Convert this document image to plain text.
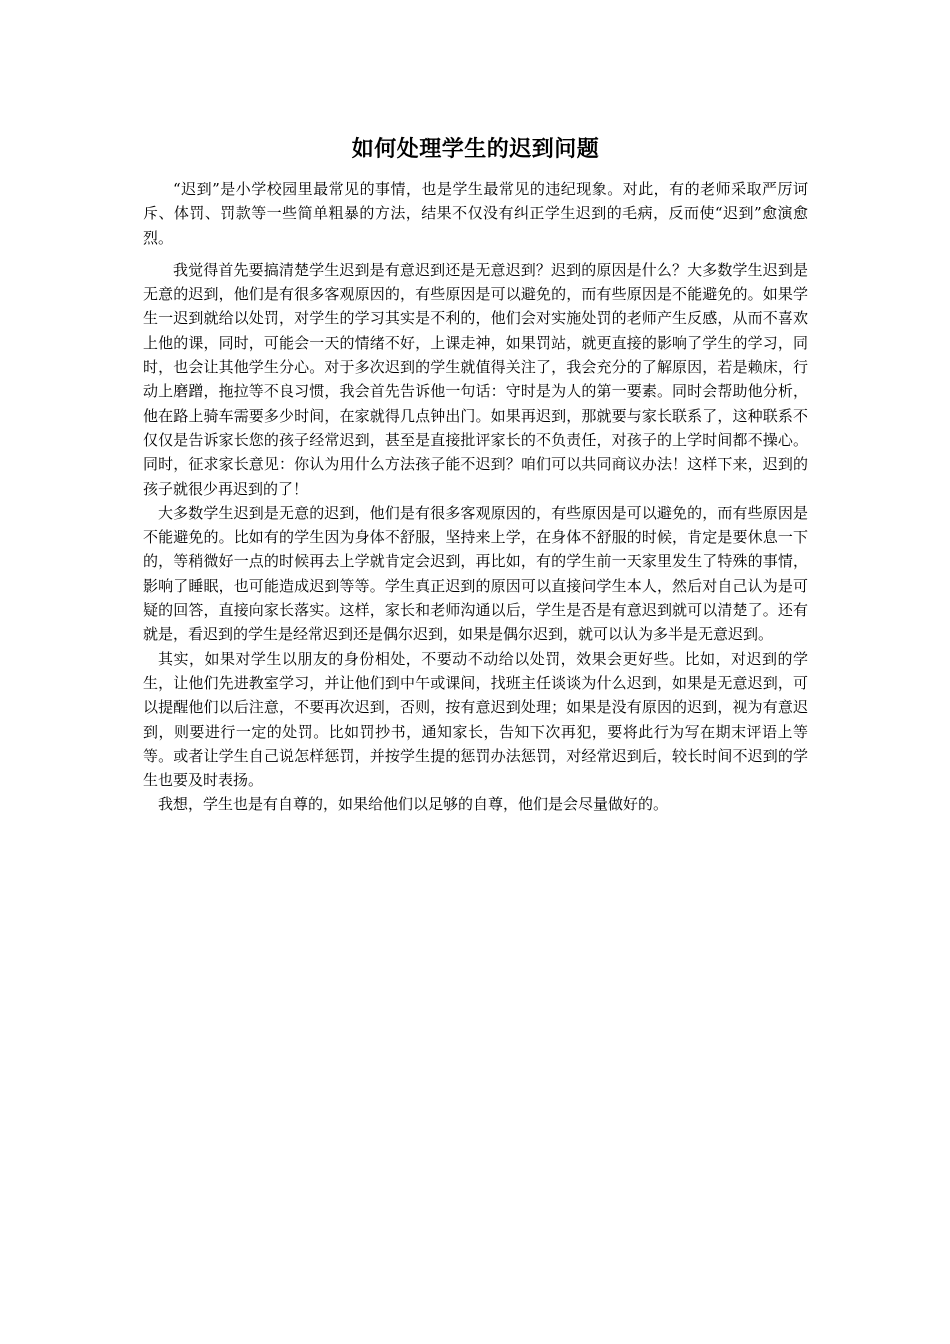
如何处理学生的迟到问题

“迟到”是小学校园里最常见的事情，也是学生最常见的违纪现象。对此，有的老师采取严厉诃斥、体罚、罚款等一些简单粗暴的方法，结果不仅没有纠正学生迟到的毛病，反而使“迟到”愈演愈烈。

我觉得首先要搞清楚学生迟到是有意迟到还是无意迟到？迟到的原因是什么？大多数学生迟到是无意的迟到，他们是有很多客观原因的，有些原因是可以避免的，而有些原因是不能避免的。如果学生一迟到就给以处罚，对学生的学习其实是不利的，他们会对实施处罚的老师产生反感，从而不喜欢上他的课，同时，可能会一天的情绪不好，上课走神，如果罚站，就更直接的影响了学生的学习，同时，也会让其他学生分心。对于多次迟到的学生就值得关注了，我会充分的了解原因，若是赖床，行动上磨蹭，拖拉等不良习惯，我会首先告诉他一句话：守时是为人的第一要素。同时会帮助他分析，他在路上骑车需要多少时间，在家就得几点钟出门。如果再迟到，那就要与家长联系了，这种联系不仅仅是告诉家长您的孩子经常迟到，甚至是直接批评家长的不负责任，对孩子的上学时间都不操心。同时，征求家长意见：你认为用什么方法孩子能不迟到？咱们可以共同商议办法！这样下来，迟到的孩子就很少再迟到的了！

大多数学生迟到是无意的迟到，他们是有很多客观原因的，有些原因是可以避免的，而有些原因是不能避免的。比如有的学生因为身体不舒服，坚持来上学，在身体不舒服的时候，肯定是要休息一下的，等稍微好一点的时候再去上学就肯定会迟到，再比如，有的学生前一天家里发生了特殊的事情，影响了睡眠，也可能造成迟到等等。学生真正迟到的原因可以直接问学生本人，然后对自己认为是可疑的回答，直接向家长落实。这样，家长和老师沟通以后，学生是否是有意迟到就可以清楚了。还有就是，看迟到的学生是经常迟到还是偶尔迟到，如果是偶尔迟到，就可以认为多半是无意迟到。

其实，如果对学生以朋友的身份相处，不要动不动给以处罚，效果会更好些。比如，对迟到的学生，让他们先进教室学习，并让他们到中午或课间，找班主任谈谈为什么迟到，如果是无意迟到，可以提醒他们以后注意，不要再次迟到，否则，按有意迟到处理；如果是没有原因的迟到，视为有意迟到，则要进行一定的处罚。比如罚抄书，通知家长，告知下次再犯，要将此行为写在期末评语上等等。或者让学生自己说怎样惩罚，并按学生提的惩罚办法惩罚，对经常迟到后，较长时间不迟到的学生也要及时表扬。

我想，学生也是有自尊的，如果给他们以足够的自尊，他们是会尽量做好的。
